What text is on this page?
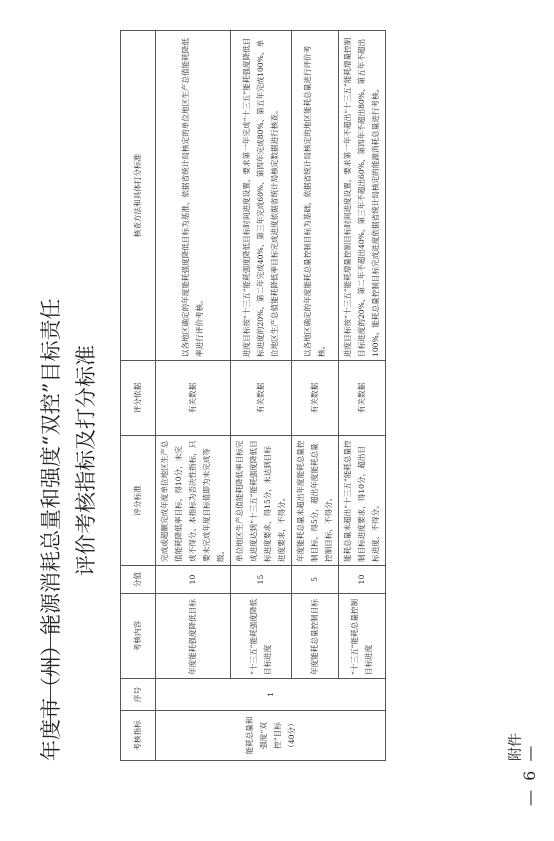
— 6 —
附件
年度市（州）能源消耗总量和强度“双控”目标责任 评价考核指标及打分标准
考核指标	序号	考核内容	分值	评分标准	评分依据	核查方法和具体打分标准
能耗总量和强度“双控”目标（40分）	1	年度能耗强度降低目标	10	完成或超额完成年度单位地区生产总值能耗降低率目标，得10分，未完成不得分。本指标为否决性指标，只要未完成年度目标值即为未完成等级。	有关数据	以各地区确定的年度能耗强度降低目标为基准，依据省统计局核定的单位地区生产总值能耗降低率进行评价考核。
		“十三五”能耗强度降低目标进度	15	单位地区生产总值能耗降低率目标完成进度达到“十三五”能耗强度降低目标进度要求，得15分，未达到目标进度要求，不得分。	有关数据	进度目标按“十三五”能耗强度降低目标时间进度设置，要求第一年完成“十三五”能耗强度降低目标进度的20%、第二年完成40%、第三年完成60%、第四年完成80%、第五年完成100%。单位地区生产总值能耗降低率目标完成进度依据省统计局核定数据进行核查。
		年度能耗总量控制目标	5	年度能耗总量未超出年度能耗总量控制目标，得5分，超出年度能耗总量控制目标，不得分。	有关数据	以各地区确定的年度能耗总量控制目标为基础，依据省统计局核定的地区能耗总量进行评价考核。
		“十三五”能耗总量控制目标进度	10	能耗总量未超出“十三五”能耗总量控制目标进度要求，得10分，超出目标进度，不得分。	有关数据	进度目标按“十三五”能耗增量控制目标时间进度设置，要求第一年不超出“十三五”能耗增量控制目标进度的20%、第二年不超出40%、第三年不超出60%、第四年不超出80%、第五年不超出100%。能耗总量控制目标完成进度依据省统计局核定的能源消耗总量进行考核。
